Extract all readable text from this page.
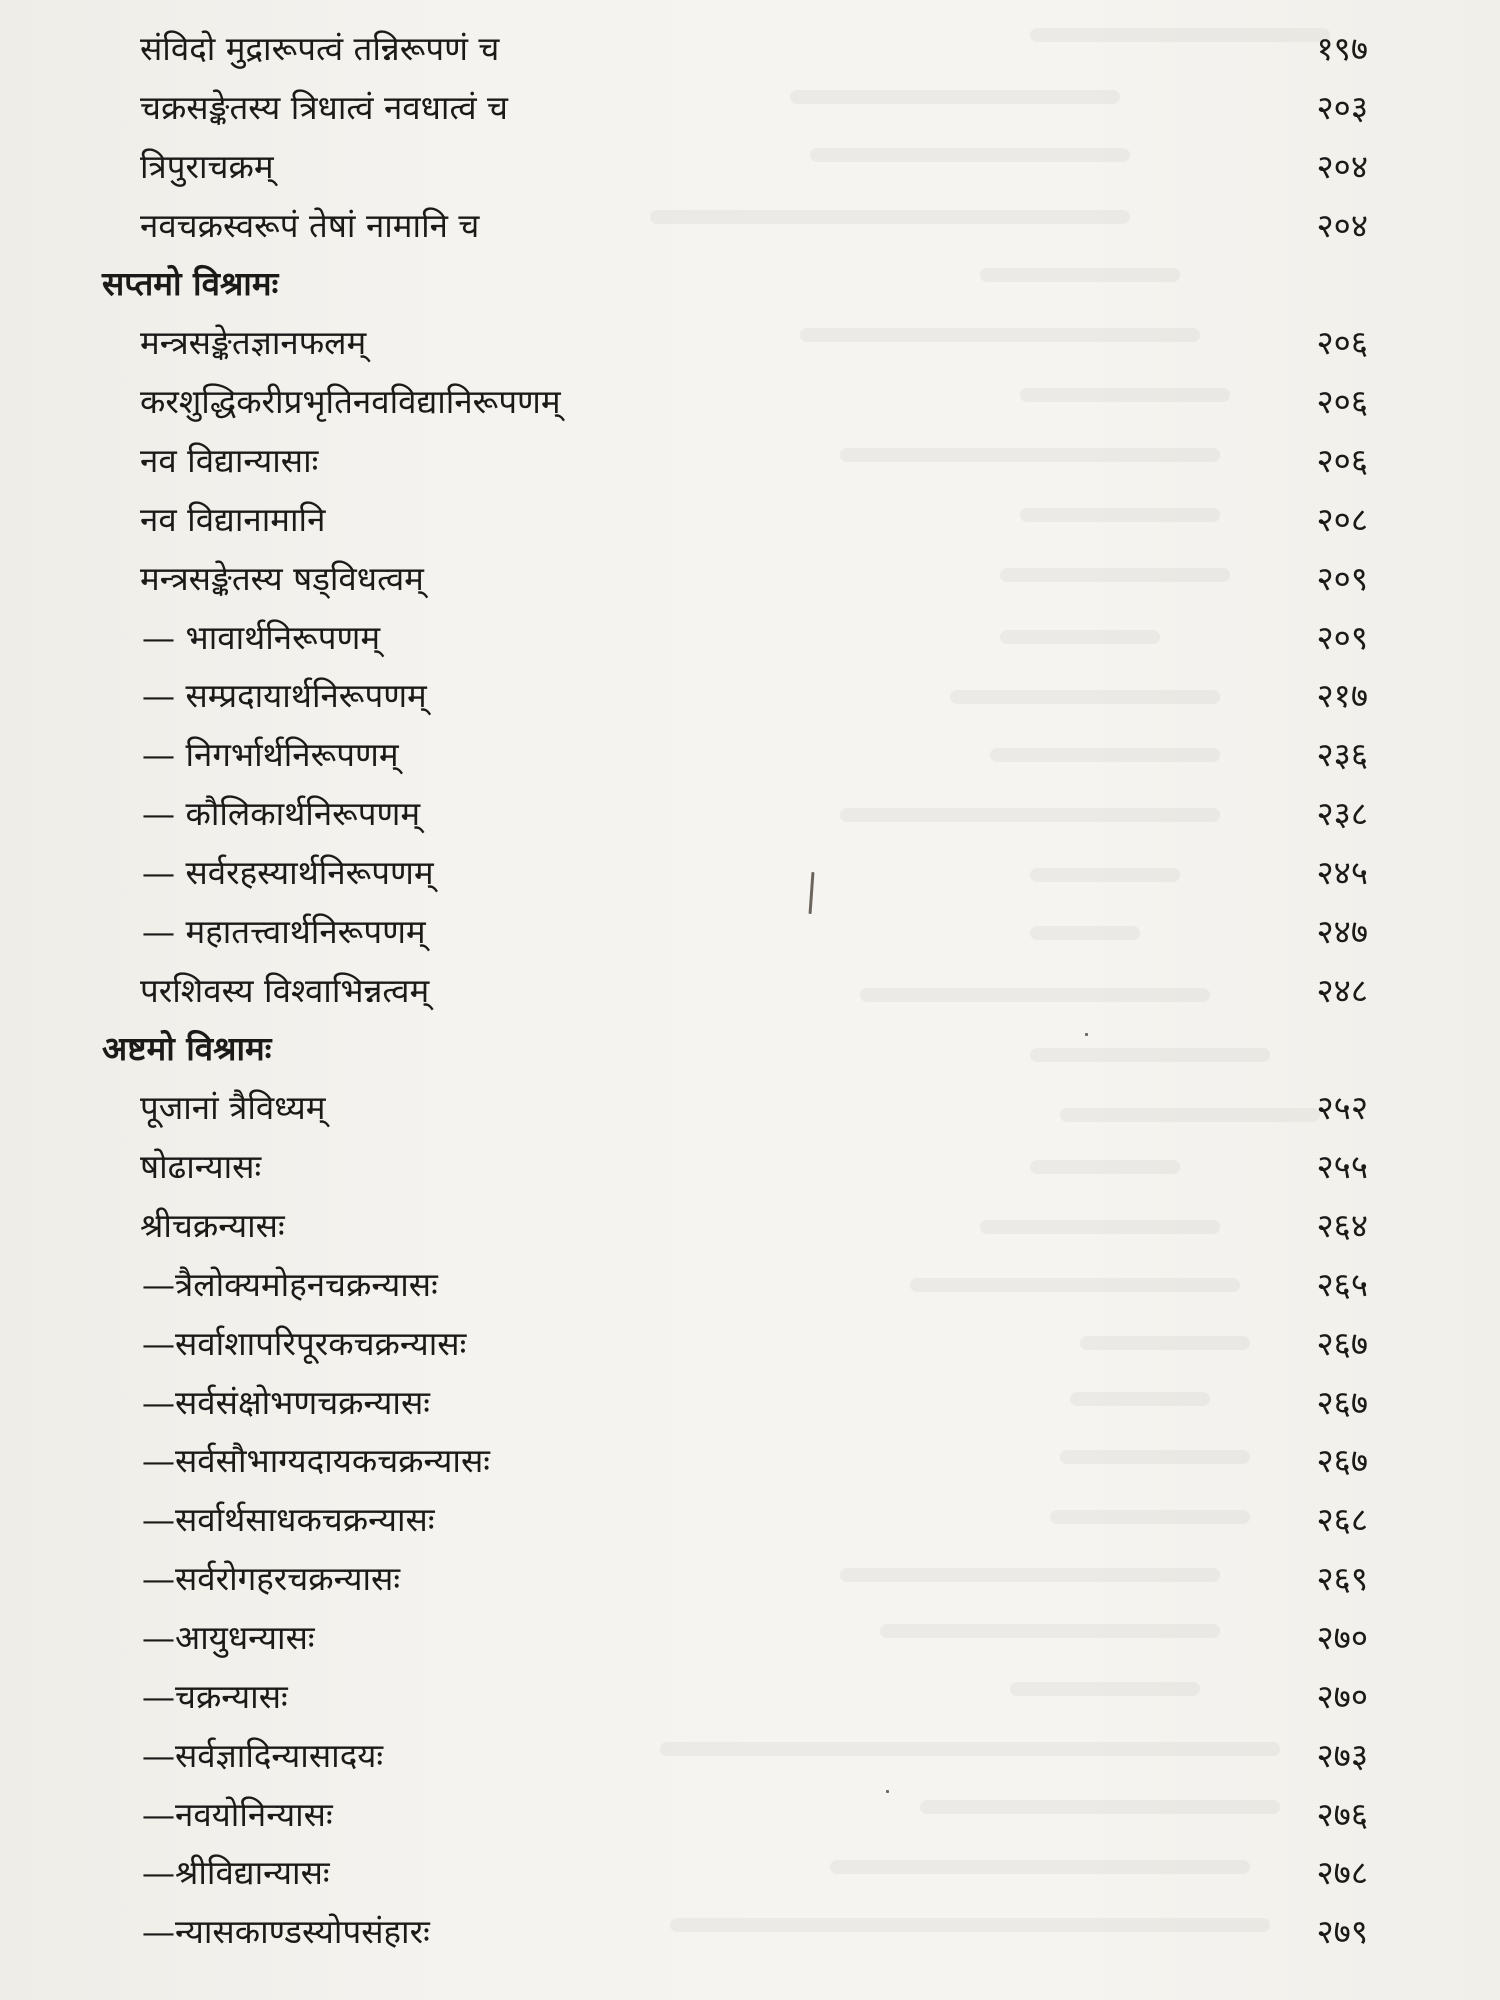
संविदो मुद्रारूपत्वं तन्निरूपणं च	१९७
चक्रसङ्केतस्य त्रिधात्वं नवधात्वं च	२०३
त्रिपुराचक्रम्	२०४
नवचक्रस्वरूपं तेषां नामानि च	२०४
सप्तमो विश्रामः
मन्त्रसङ्केतज्ञानफलम्	२०६
करशुद्धिकरीप्रभृतिनवविद्यानिरूपणम्	२०६
नव विद्यान्यासाः	२०६
नव विद्यानामानि	२०८
मन्त्रसङ्केतस्य षड्विधत्वम्	२०९
— भावार्थनिरूपणम्	२०९
— सम्प्रदायार्थनिरूपणम्	२१७
— निगर्भार्थनिरूपणम्	२३६
— कौलिकार्थनिरूपणम्	२३८
— सर्वरहस्यार्थनिरूपणम्	२४५
— महातत्त्वार्थनिरूपणम्	२४७
परशिवस्य विश्वाभिन्नत्वम्	२४८
अष्टमो विश्रामः
पूजानां त्रैविध्यम्	२५२
षोढान्यासः	२५५
श्रीचक्रन्यासः	२६४
—त्रैलोक्यमोहनचक्रन्यासः	२६५
—सर्वाशापरिपूरकचक्रन्यासः	२६७
—सर्वसंक्षोभणचक्रन्यासः	२६७
—सर्वसौभाग्यदायकचक्रन्यासः	२६७
—सर्वार्थसाधकचक्रन्यासः	२६८
—सर्वरोगहरचक्रन्यासः	२६९
—आयुधन्यासः	२७०
—चक्रन्यासः	२७०
—सर्वज्ञादिन्यासादयः	२७३
—नवयोनिन्यासः	२७६
—श्रीविद्यान्यासः	२७८
—न्यासकाण्डस्योपसंहारः	२७९
